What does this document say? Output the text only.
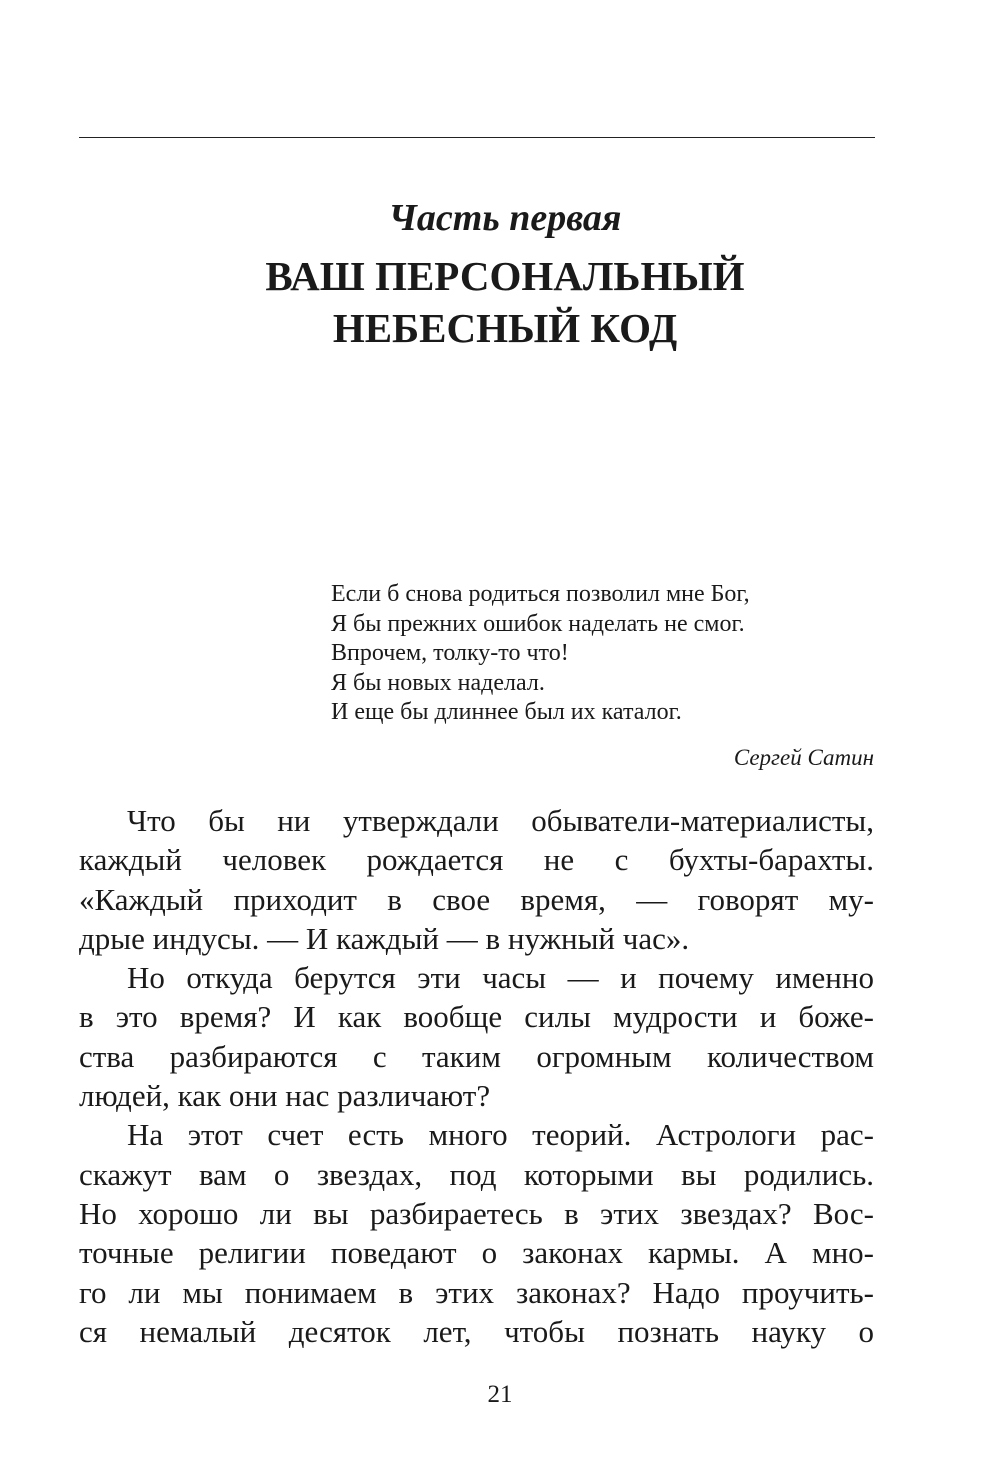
Часть первая
ВАШ ПЕРСОНАЛЬНЫЙ
НЕБЕСНЫЙ КОД
Если б снова родиться позволил мне Бог,
Я бы прежних ошибок наделать не смог.
Впрочем, толку-то что!
Я бы новых наделал.
И еще бы длиннее был их каталог.
Сергей Сатин

Что бы ни утверждали обыватели-материалисты,
каждый человек рождается не с бухты-барахты.
«Каждый приходит в свое время, — говорят му-
дрые индусы. — И каждый — в нужный час».

Но откуда берутся эти часы — и почему именно
в это время? И как вообще силы мудрости и боже-
ства разбираются с таким огромным количеством
людей, как они нас различают?

На этот счет есть много теорий. Астрологи рас-
скажут вам о звездах, под которыми вы родились.
Но хорошо ли вы разбираетесь в этих звездах? Вос-
точные религии поведают о законах кармы. А мно-
го ли мы понимаем в этих законах? Надо проучить-
ся немалый десяток лет, чтобы познать науку о

21
